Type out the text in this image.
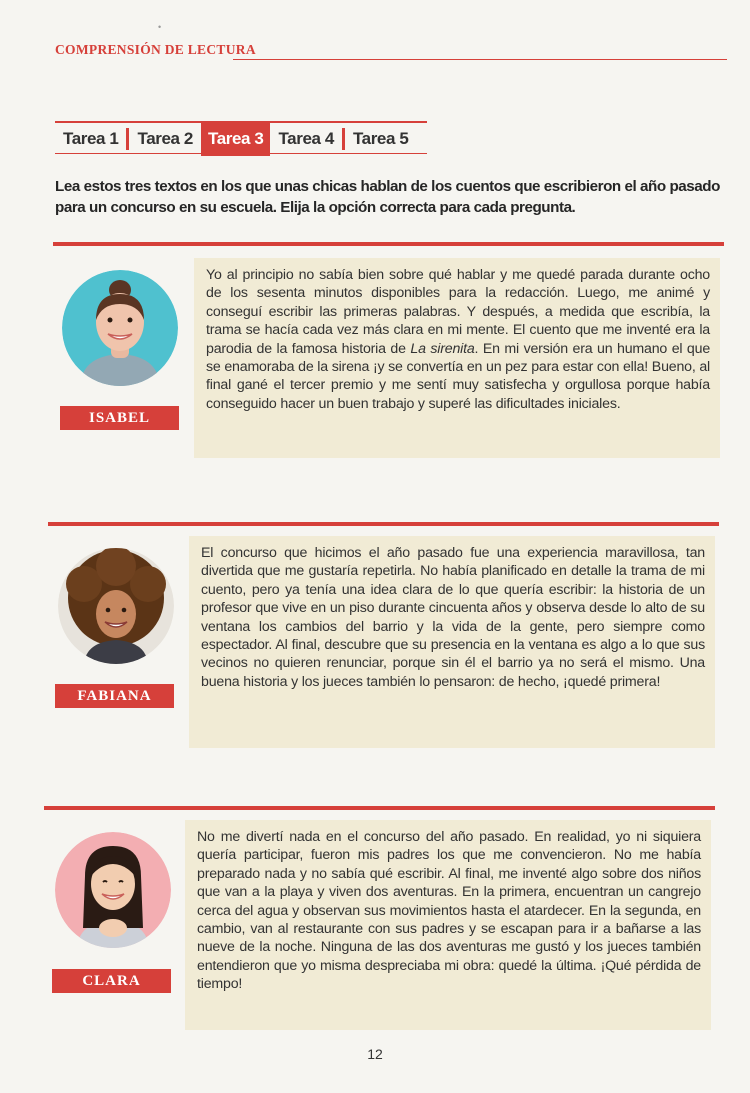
COMPRENSIÓN DE LECTURA
•
Tarea 1	Tarea 2 Tarea 3 Tarea 4	Tarea 5
Lea estos tres textos en los que unas chicas hablan de los cuentos que escribieron el año pasado para un concurso en su escuela. Elija la opción correcta para cada pregunta.
ISABEL
Yo al principio no sabía bien sobre qué hablar y me quedé parada durante ocho de los sesenta minutos disponibles para la redacción. Luego, me animé y conseguí escribir las primeras palabras. Y después, a medida que escribía, la trama se hacía cada vez más clara en mi mente. El cuento que me inventé era la parodia de la famosa historia de La sirenita. En mi versión era un humano el que se enamoraba de la sirena ¡y se convertía en un pez para estar con ella! Bueno, al final gané el tercer premio y me sentí muy satisfecha y orgullosa porque había conseguido hacer un buen trabajo y superé las dificultades iniciales.
FABIANA
El concurso que hicimos el año pasado fue una experiencia maravillosa, tan divertida que me gustaría repetirla. No había planificado en detalle la trama de mi cuento, pero ya tenía una idea clara de lo que quería escribir: la historia de un profesor que vive en un piso durante cincuenta años y observa desde lo alto de su ventana los cambios del barrio y la vida de la gente, pero siempre como espectador. Al final, descubre que su presencia en la ventana es algo a lo que sus vecinos no quieren renunciar, porque sin él el barrio ya no será el mismo. Una buena historia y los jueces también lo pensaron: de hecho, ¡quedé primera!
CLARA
No me divertí nada en el concurso del año pasado. En realidad, yo ni siquiera quería participar, fueron mis padres los que me convencieron. No me había preparado nada y no sabía qué escribir. Al final, me inventé algo sobre dos niños que van a la playa y viven dos aventuras. En la primera, encuentran un cangrejo cerca del agua y observan sus movimientos hasta el atardecer. En la segunda, en cambio, van al restaurante con sus padres y se escapan para ir a bañarse a las nueve de la noche. Ninguna de las dos aventuras me gustó y los jueces también entendieron que yo misma despreciaba mi obra: quedé la última. ¡Qué pérdida de tiempo!
12
